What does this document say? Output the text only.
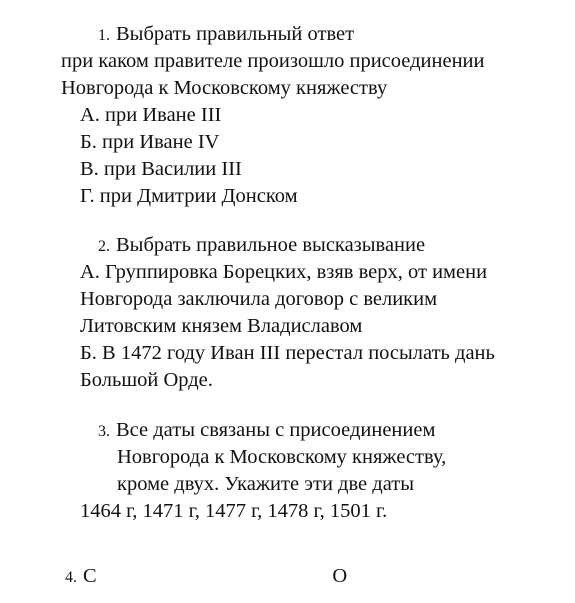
1. Выбрать правильный ответ
при каком правителе произошло присоединении
Новгорода к Московскому княжеству
А. при Иване III
Б. при Иване IV
В. при Василии III
Г. при Дмитрии Донском
2. Выбрать правильное высказывание
А. Группировка Борецких, взяв верх, от имени
Новгорода заключила договор с великим
Литовским князем Владиславом
Б. В 1472 году Иван III перестал посылать дань
Большой Орде.
3. Все даты связаны с присоединением
Новгорода к Московскому княжеству,
кроме двух. Укажите эти две даты
1464 г, 1471 г, 1477 г, 1478 г, 1501 г.
4. С                                              О
